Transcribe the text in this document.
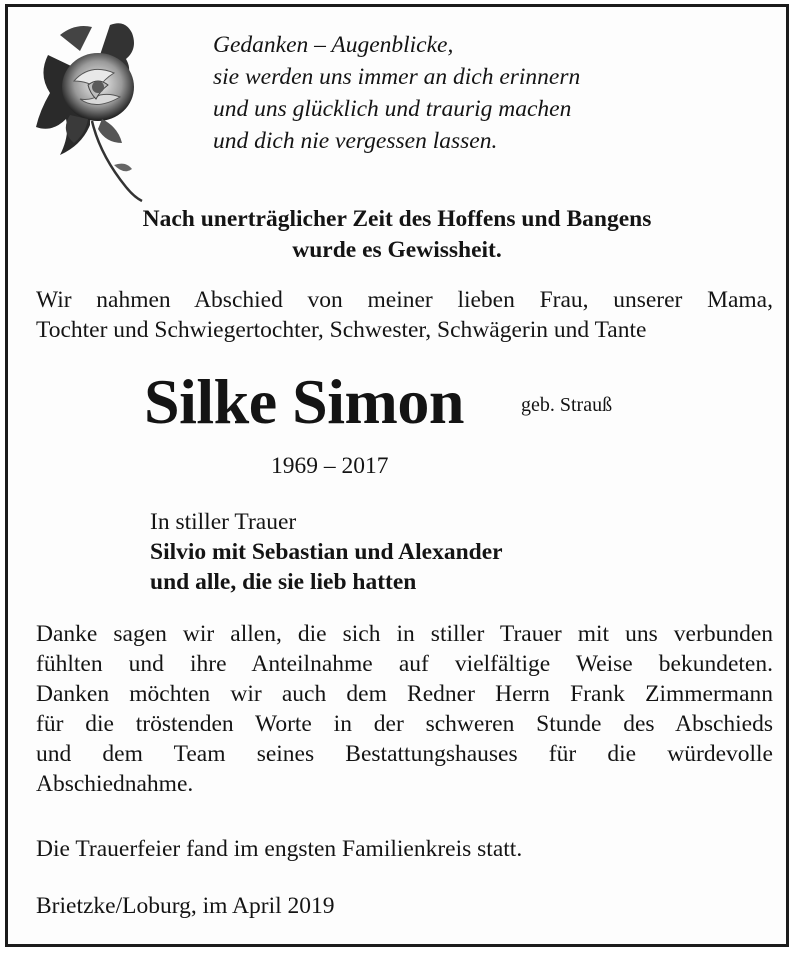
Gedanken – Augenblicke,
sie werden uns immer an dich erinnern
und uns glücklich und traurig machen
und dich nie vergessen lassen.
Nach unerträglicher Zeit des Hoffens und Bangens
wurde es Gewissheit.
Wir nahmen Abschied von meiner lieben Frau, unserer Mama,
Tochter und Schwiegertochter, Schwester, Schwägerin und Tante
Silke Simon	geb. Strauß
1969 – 2017
In stiller Trauer
Silvio mit Sebastian und Alexander
und alle, die sie lieb hatten
Danke sagen wir allen, die sich in stiller Trauer mit uns verbunden
fühlten und ihre Anteilnahme auf vielfältige Weise bekundeten.
Danken möchten wir auch dem Redner Herrn Frank Zimmermann
für die tröstenden Worte in der schweren Stunde des Abschieds
und dem Team seines Bestattungshauses für die würdevolle
Abschiednahme.
Die Trauerfeier fand im engsten Familienkreis statt.
Brietzke/Loburg, im April 2019
